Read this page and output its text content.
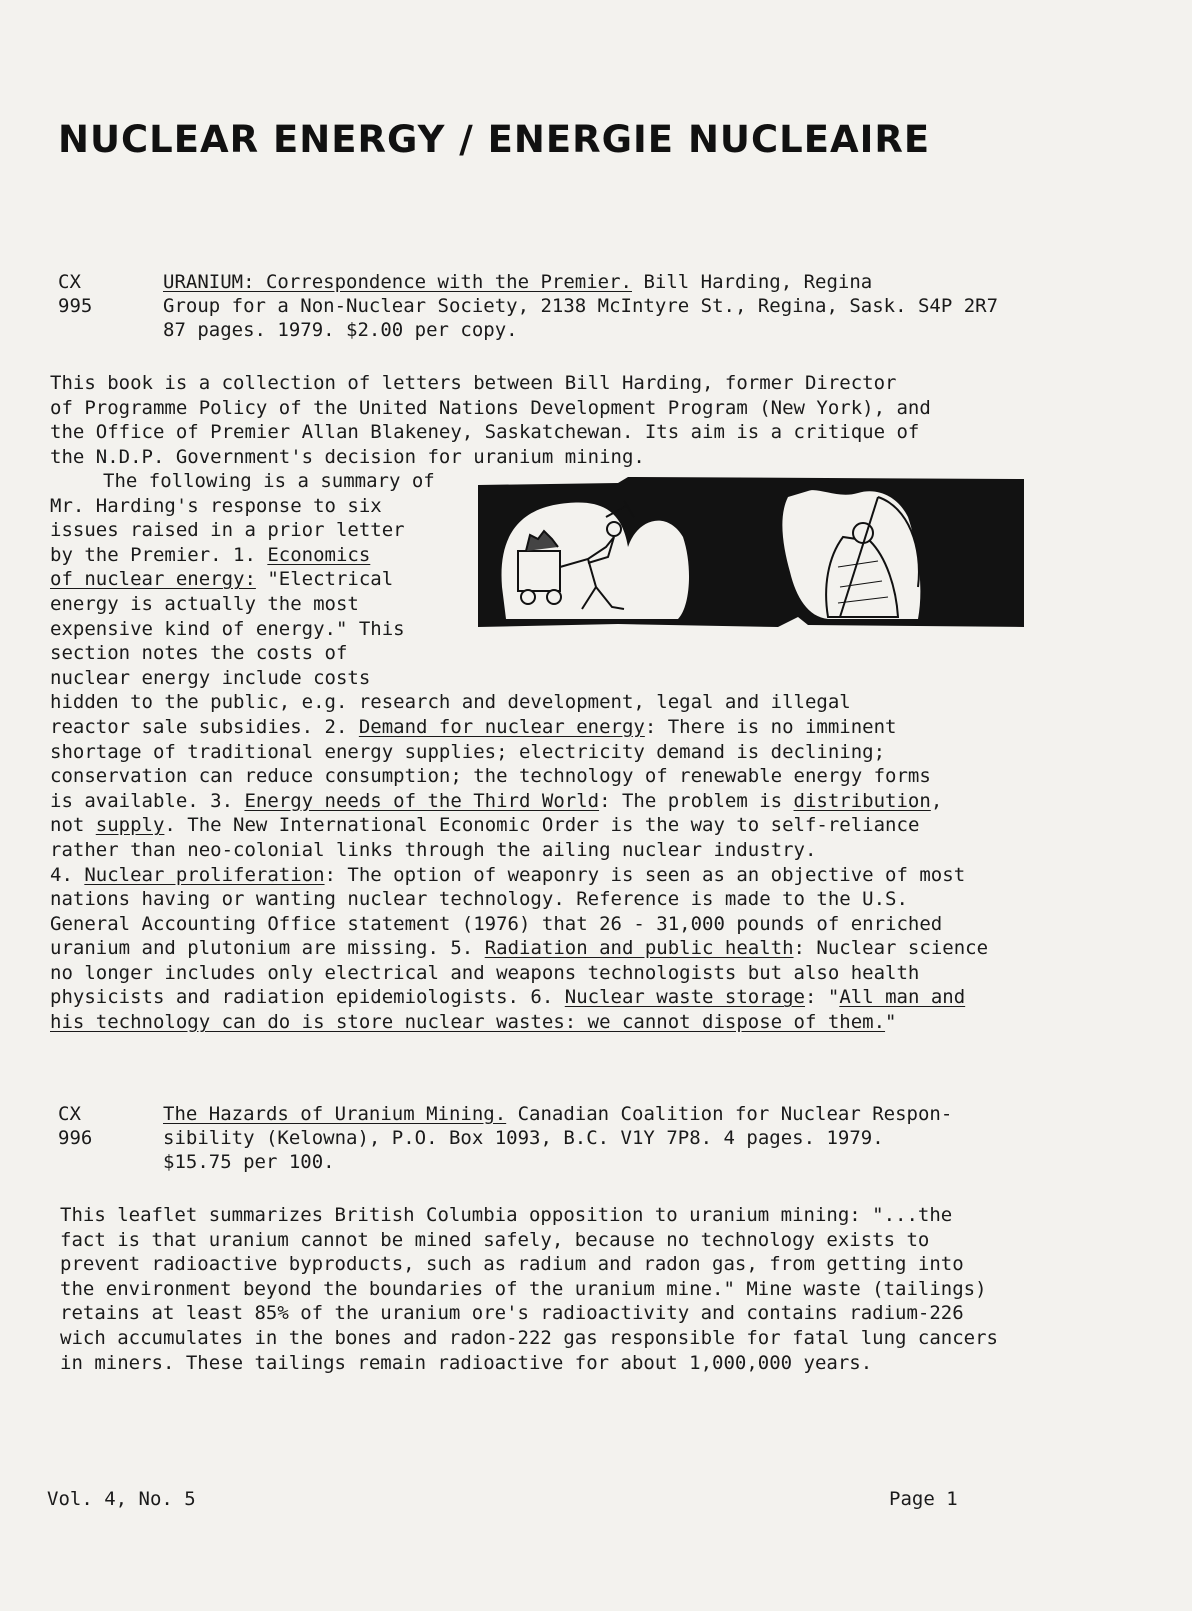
NUCLEAR ENERGY / ENERGIE NUCLEAIRE
CX
995
URANIUM: Correspondence with the Premier. Bill Harding, Regina
Group for a Non-Nuclear Society, 2138 McIntyre St., Regina, Sask. S4P 2R7
87 pages. 1979. $2.00 per copy.
This book is a collection of letters between Bill Harding, former Director
of Programme Policy of the United Nations Development Program (New York), and
the Office of Premier Allan Blakeney, Saskatchewan. Its aim is a critique of
the N.D.P. Government's decision for uranium mining.
The following is a summary of
Mr. Harding's response to six
issues raised in a prior letter
by the Premier. 1. Economics
of nuclear energy: "Electrical
energy is actually the most
expensive kind of energy." This
section notes the costs of
nuclear energy include costs
hidden to the public, e.g. research and development, legal and illegal
reactor sale subsidies. 2. Demand for nuclear energy: There is no imminent
shortage of traditional energy supplies; electricity demand is declining;
conservation can reduce consumption; the technology of renewable energy forms
is available. 3. Energy needs of the Third World: The problem is distribution,
not supply. The New International Economic Order is the way to self-reliance
rather than neo-colonial links through the ailing nuclear industry.
4. Nuclear proliferation: The option of weaponry is seen as an objective of most
nations having or wanting nuclear technology. Reference is made to the U.S.
General Accounting Office statement (1976) that 26 - 31,000 pounds of enriched
uranium and plutonium are missing. 5. Radiation and public health: Nuclear science
no longer includes only electrical and weapons technologists but also health
physicists and radiation epidemiologists. 6. Nuclear waste storage: "All man and
his technology can do is store nuclear wastes: we cannot dispose of them."
CX
996
The Hazards of Uranium Mining. Canadian Coalition for Nuclear Respon-
sibility (Kelowna), P.O. Box 1093, B.C. V1Y 7P8. 4 pages. 1979.
$15.75 per 100.
This leaflet summarizes British Columbia opposition to uranium mining: "...the
fact is that uranium cannot be mined safely, because no technology exists to
prevent radioactive byproducts, such as radium and radon gas, from getting into
the environment beyond the boundaries of the uranium mine." Mine waste (tailings)
retains at least 85% of the uranium ore's radioactivity and contains radium-226
wich accumulates in the bones and radon-222 gas responsible for fatal lung cancers
in miners. These tailings remain radioactive for about 1,000,000 years.
Vol. 4, No. 5	Page 1
